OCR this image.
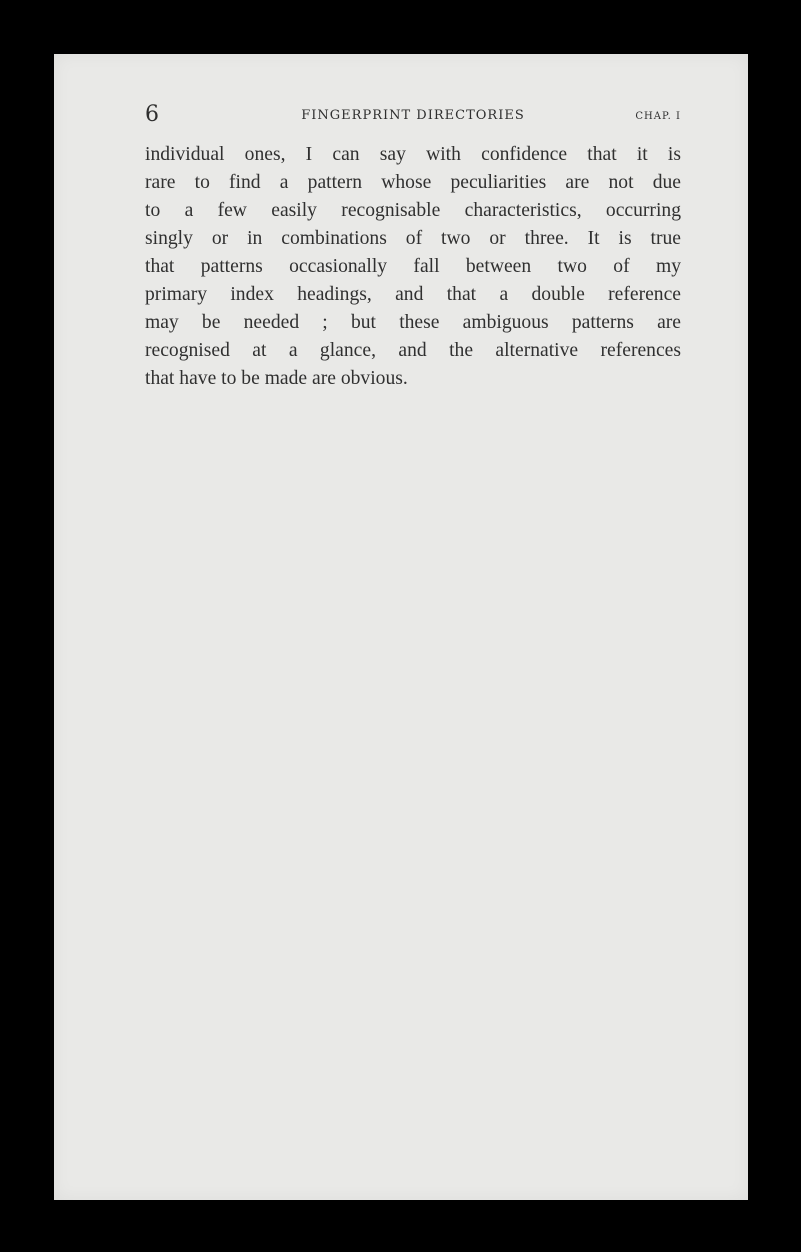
6	FINGERPRINT DIRECTORIES	CHAP. I
individual ones, I can say with confidence that it is
rare to find a pattern whose peculiarities are not due
to a few easily recognisable characteristics, occurring
singly or in combinations of two or three. It is true
that patterns occasionally fall between two of my
primary index headings, and that a double reference
may be needed ; but these ambiguous patterns are
recognised at a glance, and the alternative references
that have to be made are obvious.
